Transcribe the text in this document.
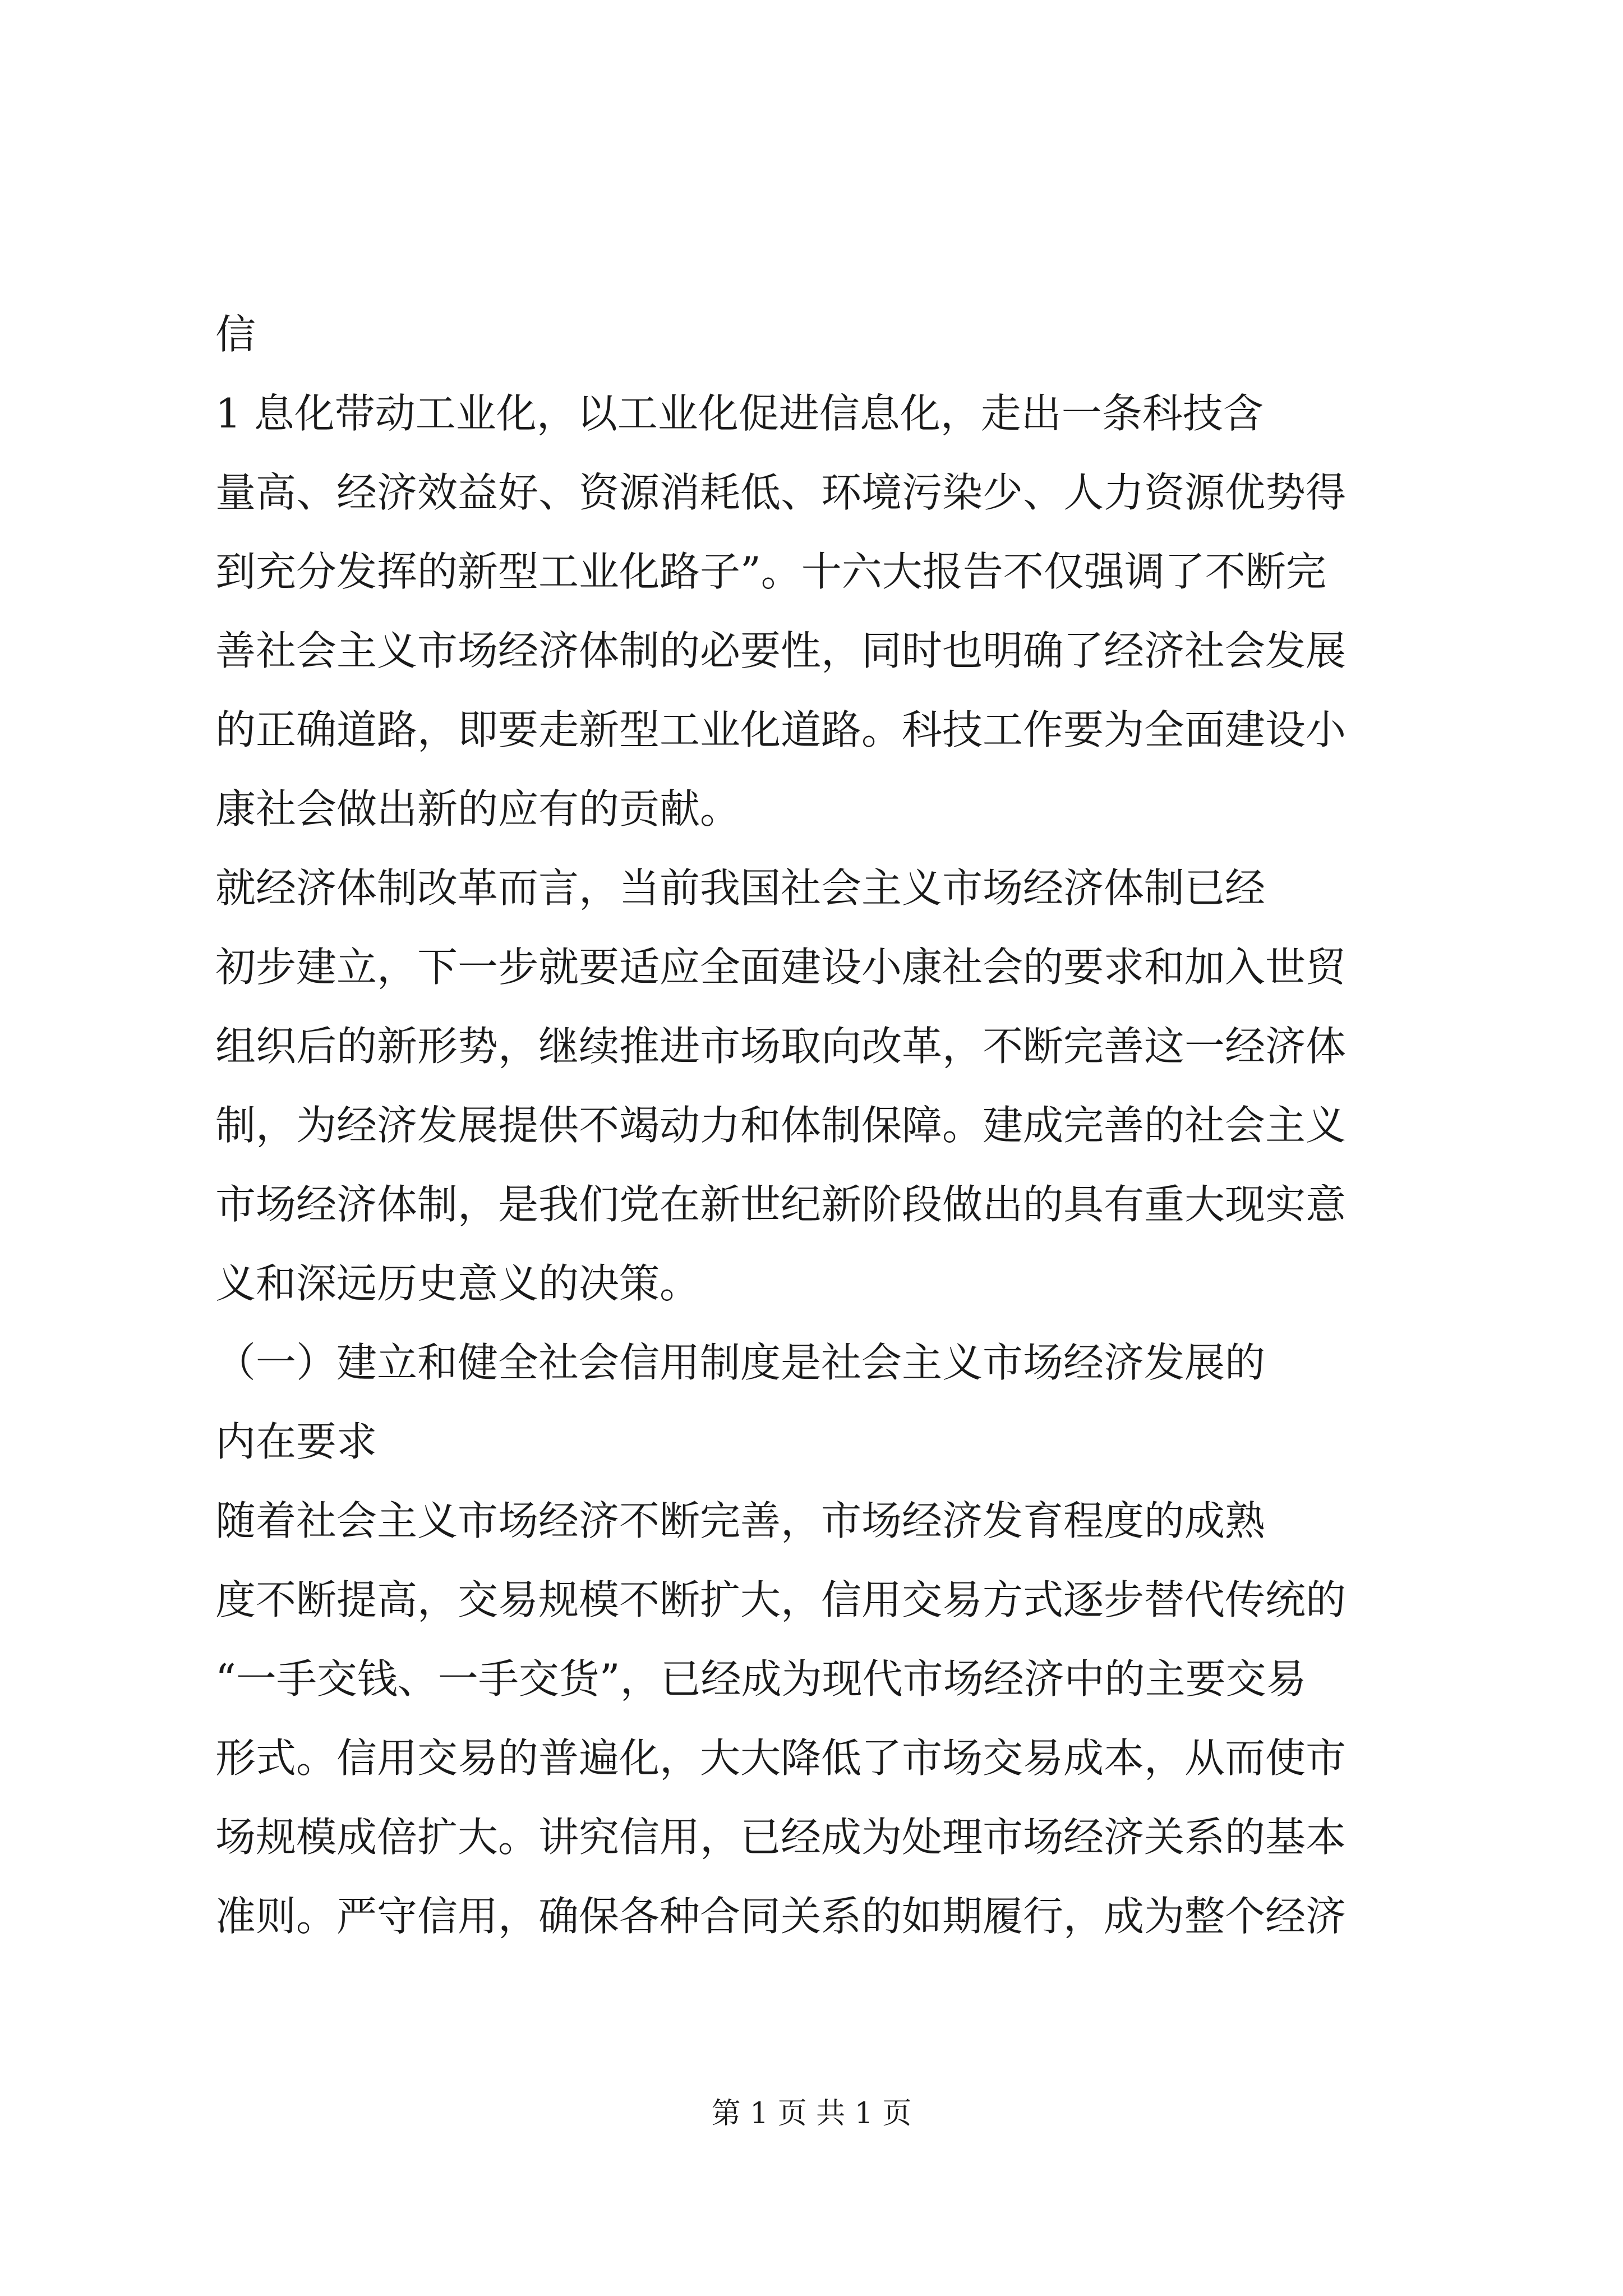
信
1 息化带动工业化，以工业化促进信息化，走出一条科技含
量高、经济效益好、资源消耗低、环境污染少、人力资源优势得
到充分发挥的新型工业化路子”。十六大报告不仅强调了不断完
善社会主义市场经济体制的必要性，同时也明确了经济社会发展
的正确道路，即要走新型工业化道路。科技工作要为全面建设小
康社会做出新的应有的贡献。
就经济体制改革而言，当前我国社会主义市场经济体制已经
初步建立，下一步就要适应全面建设小康社会的要求和加入世贸
组织后的新形势，继续推进市场取向改革，不断完善这一经济体
制，为经济发展提供不竭动力和体制保障。建成完善的社会主义
市场经济体制，是我们党在新世纪新阶段做出的具有重大现实意
义和深远历史意义的决策。
（一）建立和健全社会信用制度是社会主义市场经济发展的
内在要求
随着社会主义市场经济不断完善，市场经济发育程度的成熟
度不断提高，交易规模不断扩大，信用交易方式逐步替代传统的
“一手交钱、一手交货”，已经成为现代市场经济中的主要交易
形式。信用交易的普遍化，大大降低了市场交易成本，从而使市
场规模成倍扩大。讲究信用，已经成为处理市场经济关系的基本
准则。严守信用，确保各种合同关系的如期履行，成为整个经济
第 1 页 共 1 页
